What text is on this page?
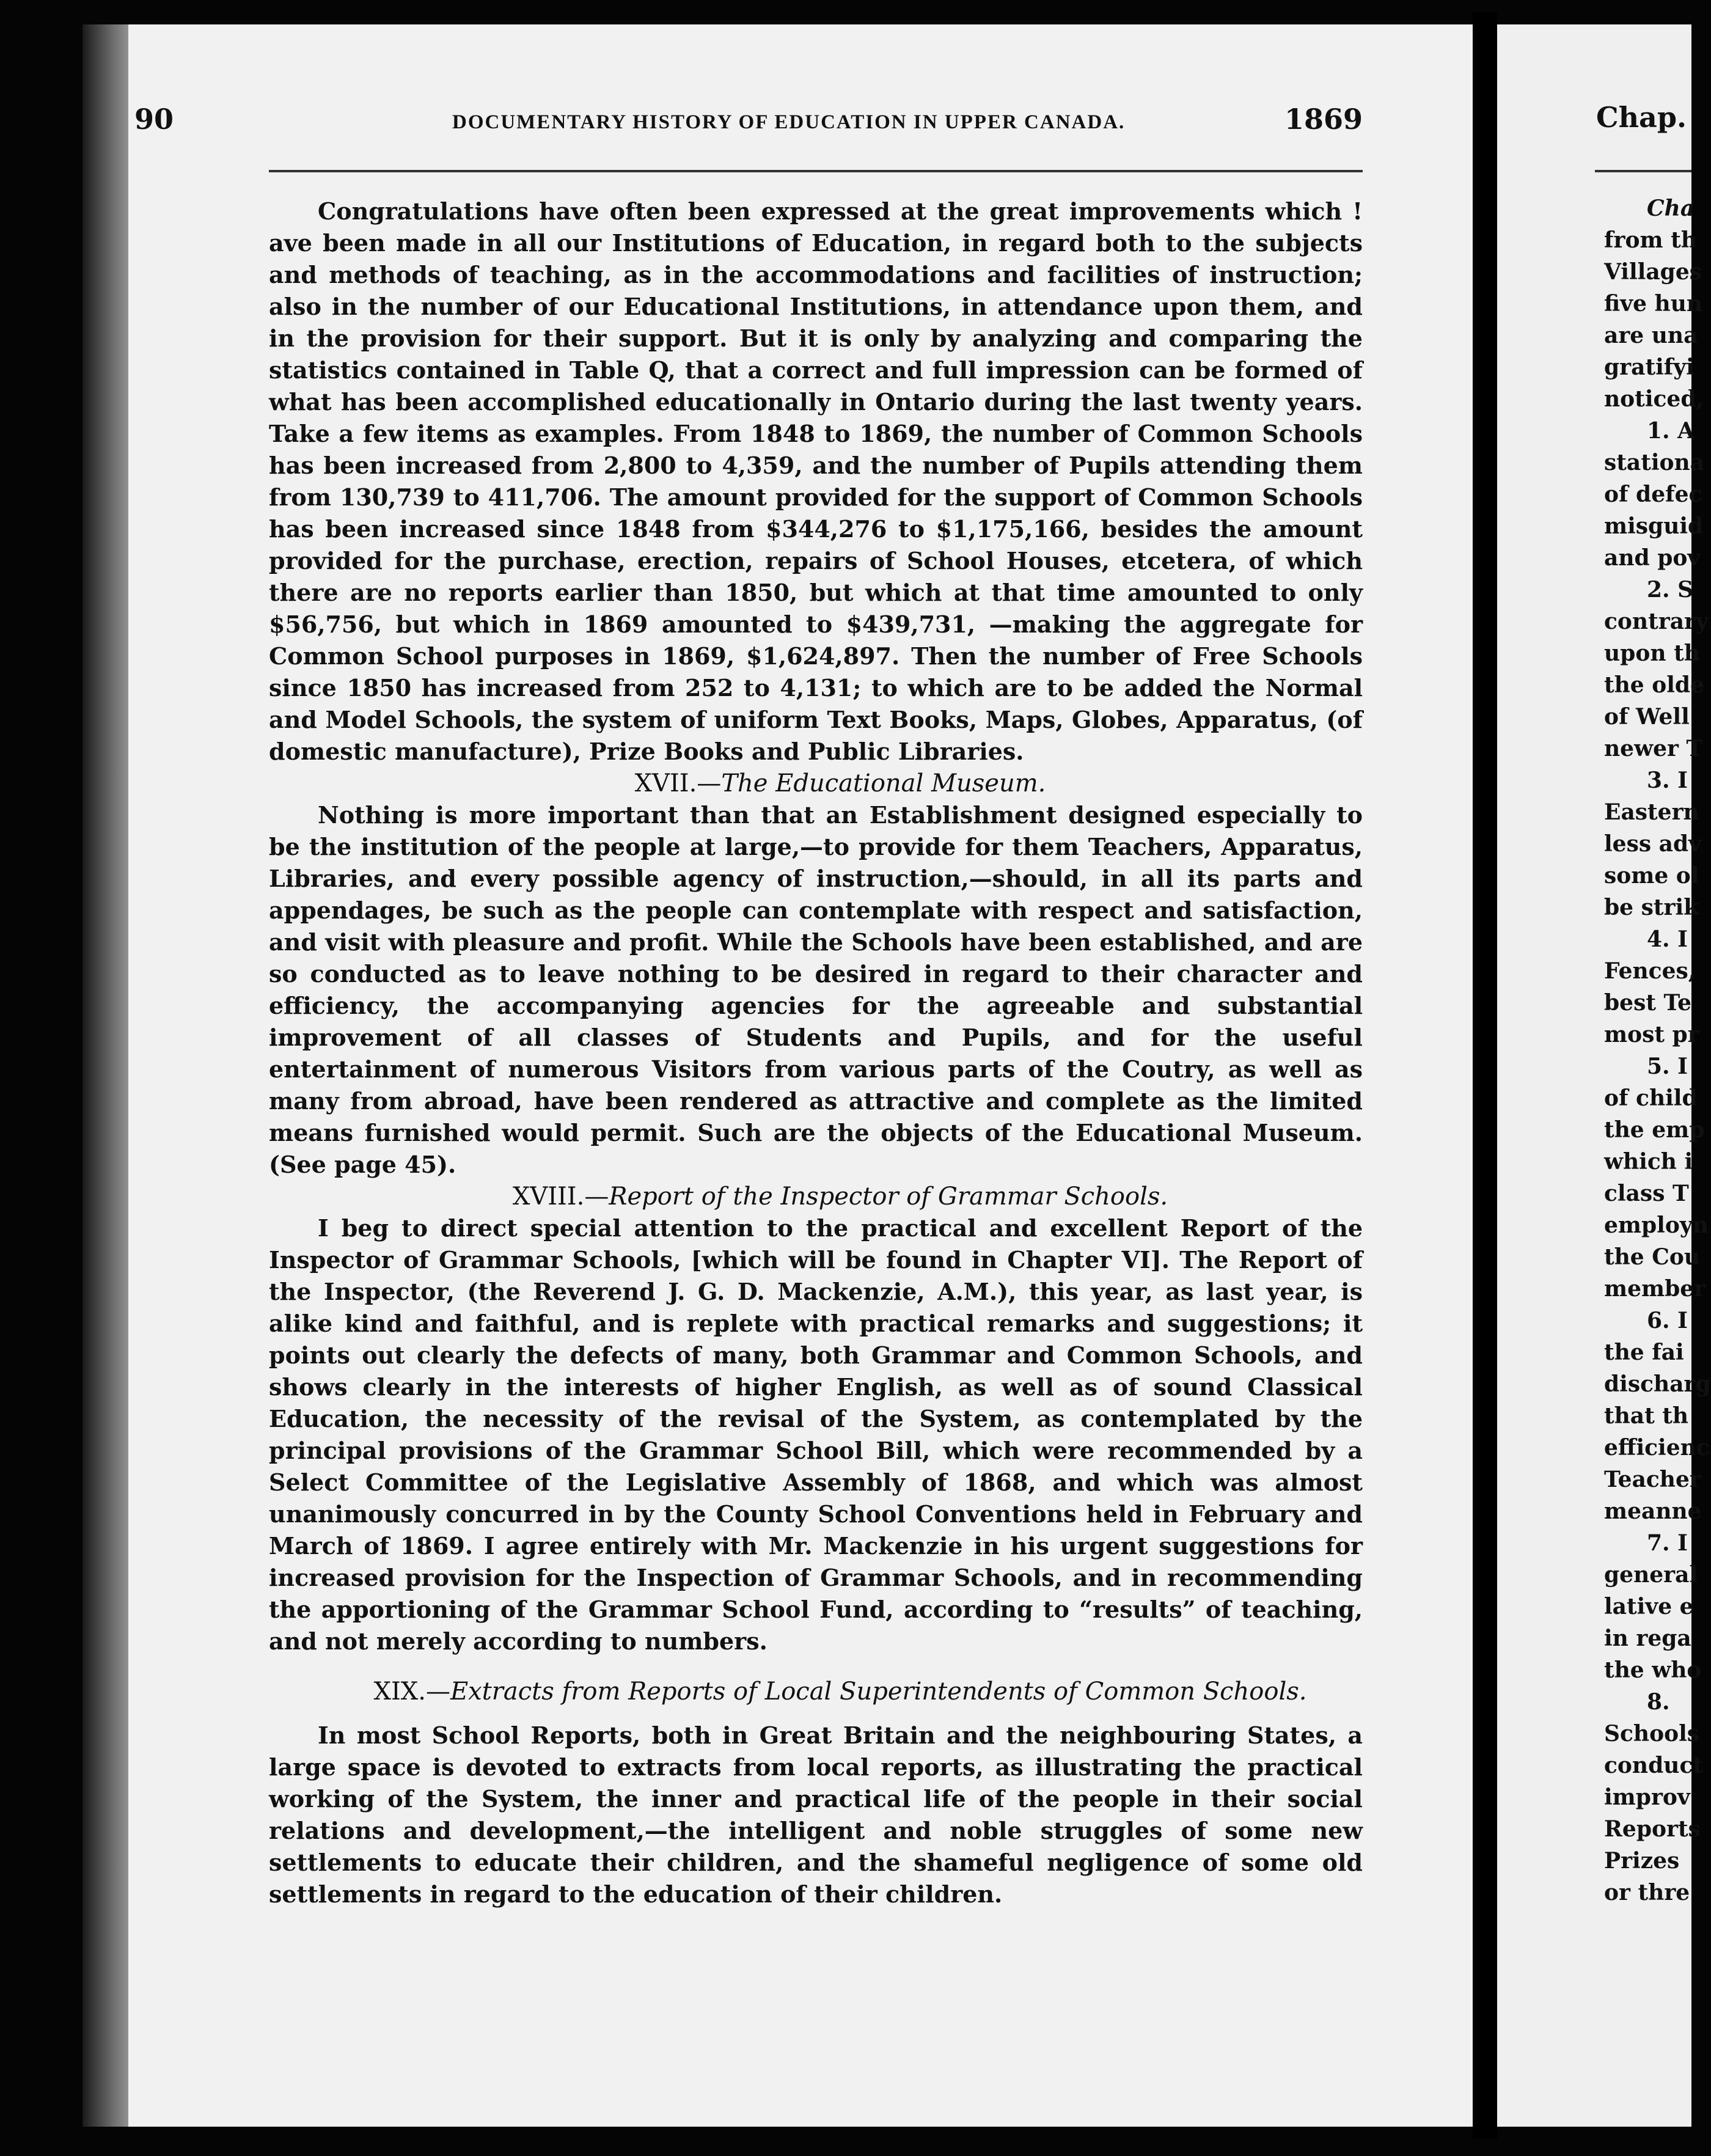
90	DOCUMENTARY HISTORY OF EDUCATION IN UPPER CANADA.	1869

Congratulations have often been expressed at the great improvements which ! ave been made in all our Institutions of Education, in regard both to the subjects and methods of teaching, as in the accommodations and facilities of instruction; also in the number of our Educational Institutions, in attendance upon them, and in the provision for their support. But it is only by analyzing and comparing the statistics contained in Table Q, that a correct and full impression can be formed of what has been accomplished educationally in Ontario during the last twenty years. Take a few items as examples. From 1848 to 1869, the number of Common Schools has been increased from 2,800 to 4,359, and the number of Pupils attending them from 130,739 to 411,706. The amount provided for the support of Common Schools has been increased since 1848 from $344,276 to $1,175,166, besides the amount provided for the purchase, erection, repairs of School Houses, etcetera, of which there are no reports earlier than 1850, but which at that time amounted to only $56,756, but which in 1869 amounted to $439,731, —making the aggregate for Common School purposes in 1869, $1,624,897. Then the number of Free Schools since 1850 has increased from 252 to 4,131; to which are to be added the Normal and Model Schools, the system of uniform Text Books, Maps, Globes, Apparatus, (of domestic manufacture), Prize Books and Public Libraries.

XVII.—The Educational Museum.

Nothing is more important than that an Establishment designed especially to be the institution of the people at large,—to provide for them Teachers, Apparatus, Libraries, and every possible agency of instruction,—should, in all its parts and appendages, be such as the people can contemplate with respect and satisfaction, and visit with pleasure and profit. While the Schools have been established, and are so conducted as to leave nothing to be desired in regard to their character and efficiency, the accompanying agencies for the agreeable and substantial improvement of all classes of Students and Pupils, and for the useful entertainment of numerous Visitors from various parts of the Coutry, as well as many from abroad, have been rendered as attractive and complete as the limited means furnished would permit. Such are the objects of the Educational Museum. (See page 45).

XVIII.—Report of the Inspector of Grammar Schools.

I beg to direct special attention to the practical and excellent Report of the Inspector of Grammar Schools, [which will be found in Chapter VI]. The Report of the Inspector, (the Reverend J. G. D. Mackenzie, A.M.), this year, as last year, is alike kind and faithful, and is replete with practical remarks and suggestions; it points out clearly the defects of many, both Grammar and Common Schools, and shows clearly in the interests of higher English, as well as of sound Classical Education, the necessity of the revisal of the System, as contemplated by the principal provisions of the Grammar School Bill, which were recommended by a Select Committee of the Legislative Assembly of 1868, and which was almost unanimously concurred in by the County School Conventions held in February and March of 1869. I agree entirely with Mr. Mackenzie in his urgent suggestions for increased provision for the Inspection of Grammar Schools, and in recommending the apportioning of the Grammar School Fund, according to “results” of teaching, and not merely according to numbers.

XIX.—Extracts from Reports of Local Superintendents of Common Schools.

In most School Reports, both in Great Britain and the neighbouring States, a large space is devoted to extracts from local reports, as illustrating the practical working of the System, the inner and practical life of the people in their social relations and development,—the intelligent and noble struggles of some new settlements to educate their children, and the shameful negligence of some old settlements in regard to the education of their children.

Chap.
Cha
from th
Villages
five hun
are una
gratifyi
noticed,
1. A
stationa
of defec
misguid
and pov
2. S
contrary
upon th
the olde
of Well
newer T
3. I
Eastern
less adv
some ol
be strik
4. I
Fences,
best Te
most pr
5. I
of child
the emp
which i
class T
employn
the Cou
member
6. I
the fai
discharg
that th
efficienc
Teacher
meanne
7. I
general
lative e
in rega
the who
8.
Schools
conduct
improv
Reports
Prizes
or thre
